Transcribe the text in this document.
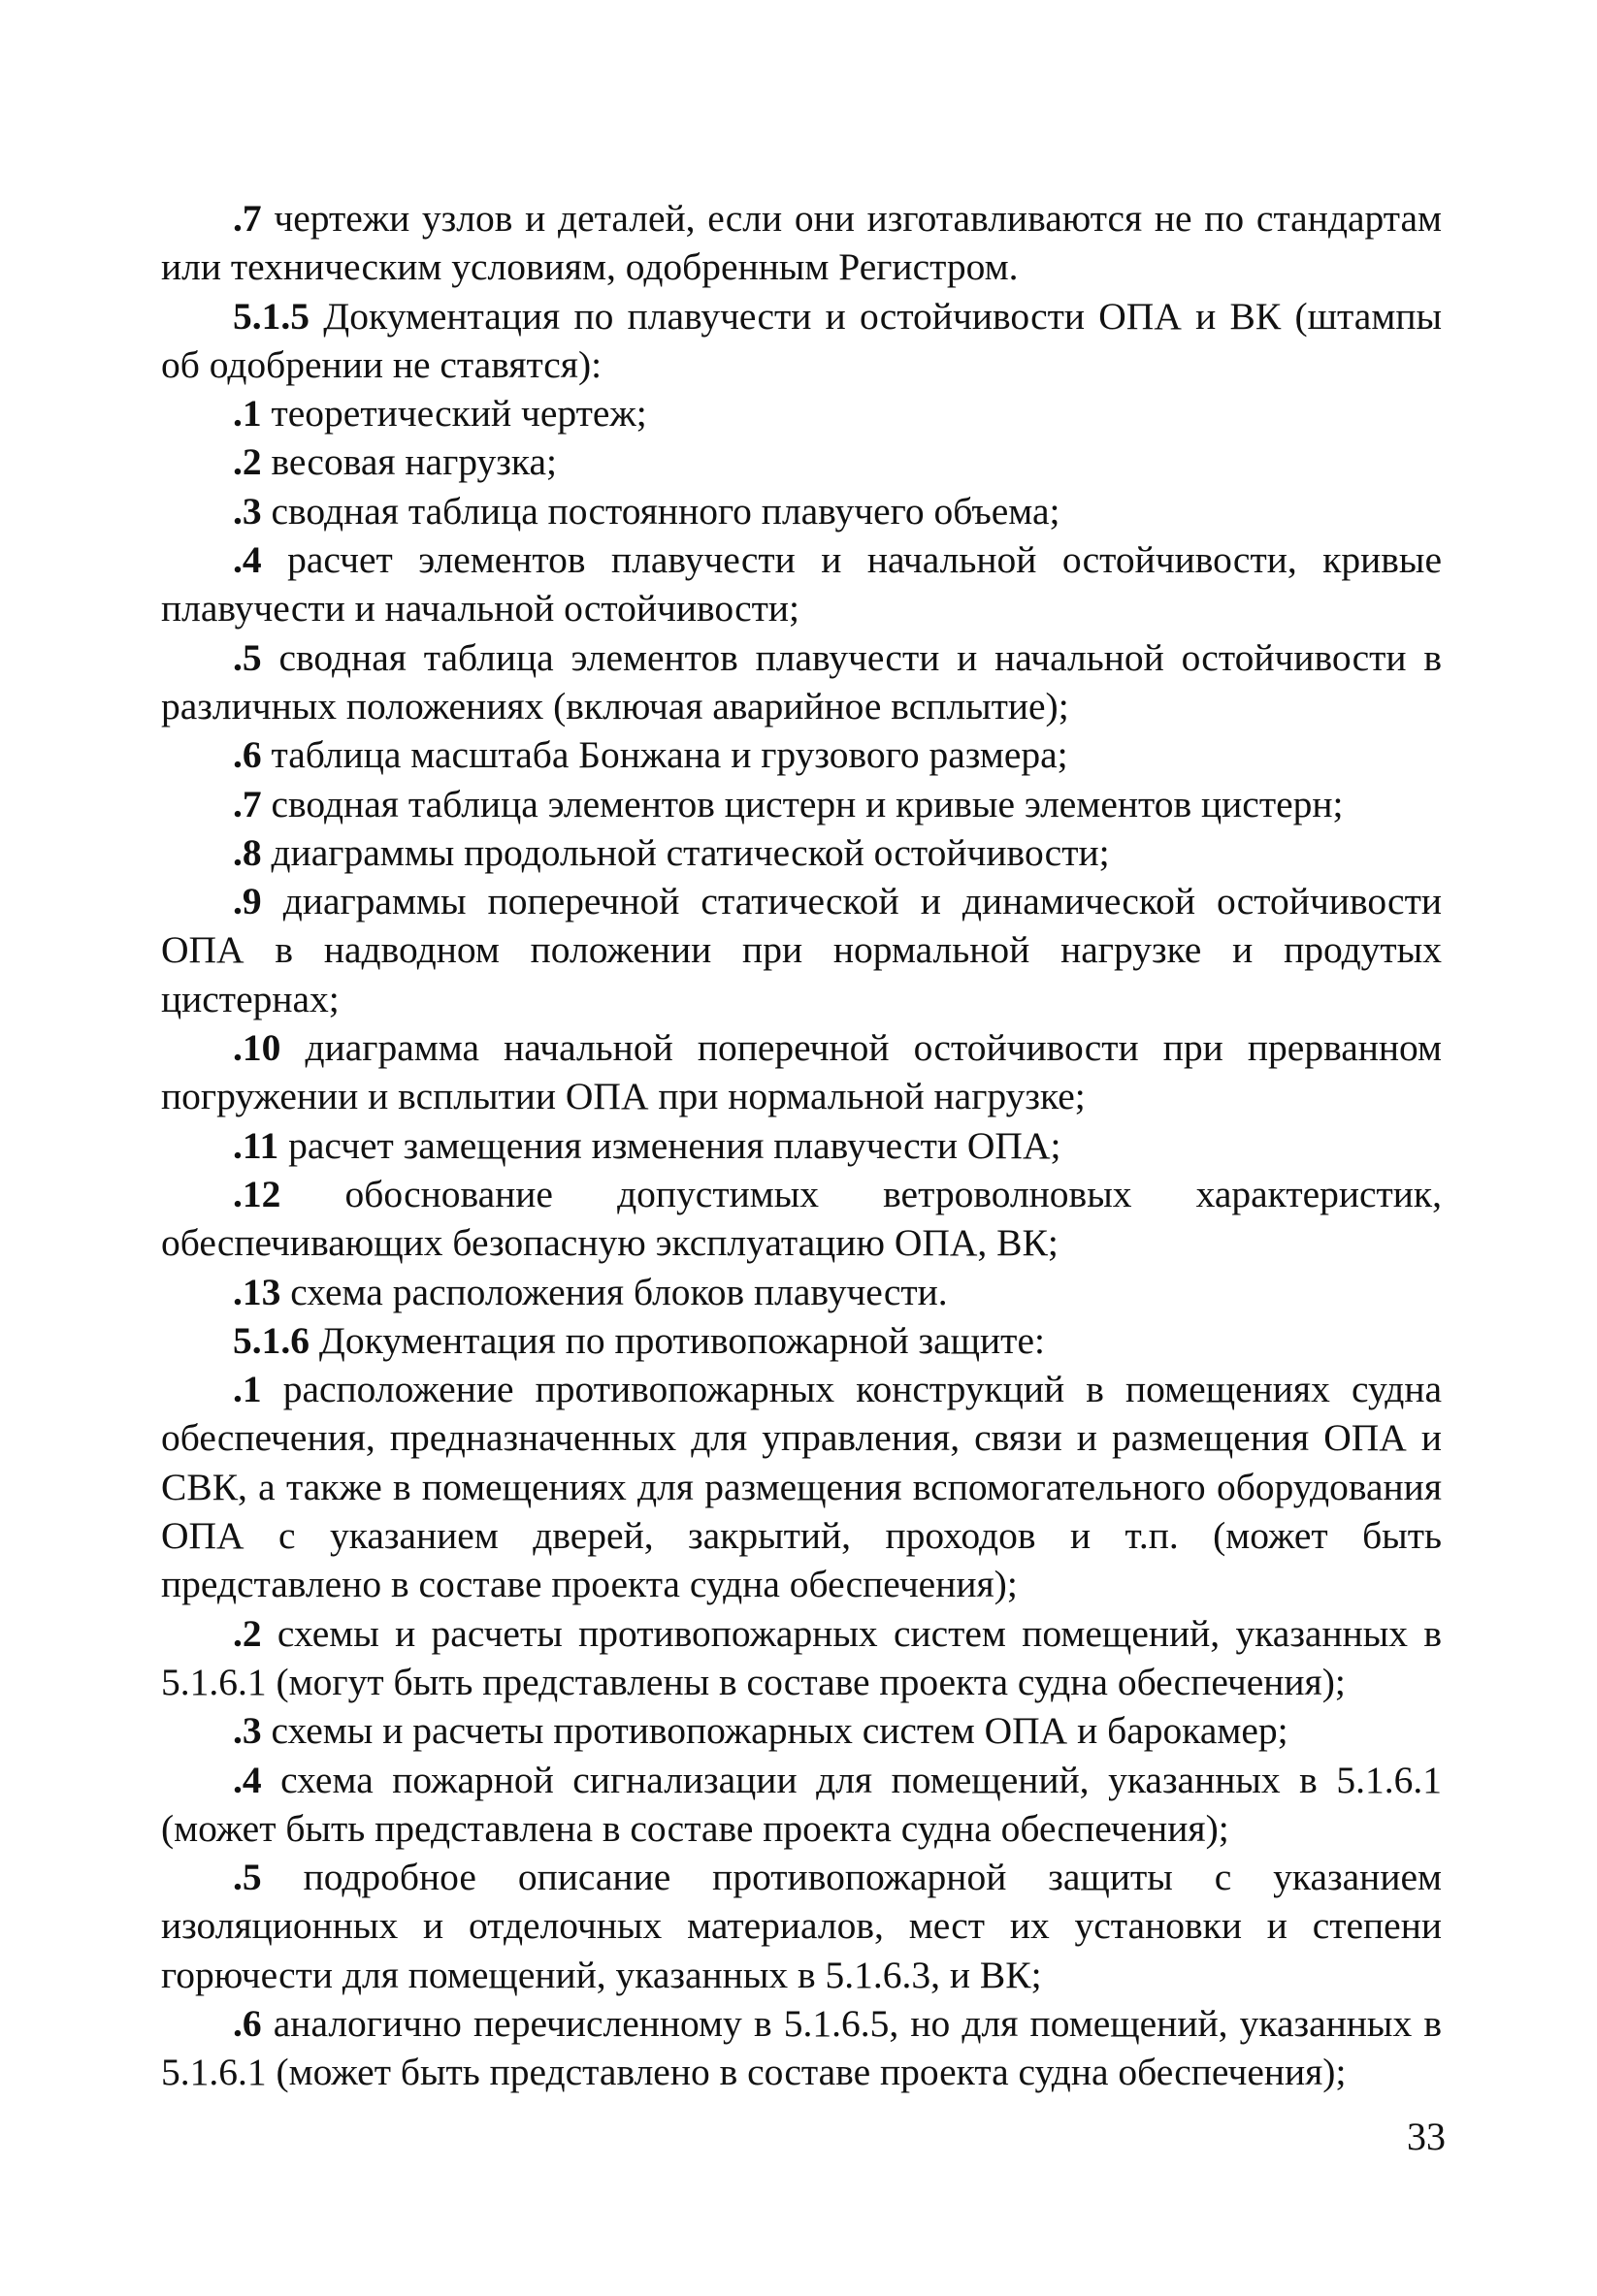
.7 чертежи узлов и деталей, если они изготавливаются не по стандартам или техническим условиям, одобренным Регистром.

5.1.5 Документация по плавучести и остойчивости ОПА и ВК (штампы об одобрении не ставятся):

.1 теоретический чертеж;

.2 весовая нагрузка;

.3 сводная таблица постоянного плавучего объема;

.4 расчет элементов плавучести и начальной остойчивости, кривые плавучести и начальной остойчивости;

.5 сводная таблица элементов плавучести и начальной остойчивости в различных положениях (включая аварийное всплытие);

.6 таблица масштаба Бонжана и грузового размера;

.7 сводная таблица элементов цистерн и кривые элементов цистерн;

.8 диаграммы продольной статической остойчивости;

.9 диаграммы поперечной статической и динамической остойчивости ОПА в надводном положении при нормальной нагрузке и продутых цистернах;

.10 диаграмма начальной поперечной остойчивости при прерванном погружении и всплытии ОПА при нормальной нагрузке;

.11 расчет замещения изменения плавучести ОПА;

.12 обоснование допустимых ветроволновых характеристик, обеспечивающих безопасную эксплуатацию ОПА, ВК;

.13 схема расположения блоков плавучести.

5.1.6 Документация по противопожарной защите:

.1 расположение противопожарных конструкций в помещениях судна обеспечения, предназначенных для управления, связи и размещения ОПА и СВК, а также в помещениях для размещения вспомогательного оборудования ОПА с указанием дверей, закрытий, проходов и т.п. (может быть представлено в составе проекта судна обеспечения);

.2 схемы и расчеты противопожарных систем помещений, указанных в 5.1.6.1 (могут быть представлены в составе проекта судна обеспечения);

.3 схемы и расчеты противопожарных систем ОПА и барокамер;

.4 схема пожарной сигнализации для помещений, указанных в 5.1.6.1 (может быть представлена в составе проекта судна обеспечения);

.5 подробное описание противопожарной защиты с указанием изоляционных и отделочных материалов, мест их установки и степени горючести для помещений, указанных в 5.1.6.3, и ВК;

.6 аналогично перечисленному в 5.1.6.5, но для помещений, указанных в 5.1.6.1 (может быть представлено в составе проекта судна обеспечения);

33
